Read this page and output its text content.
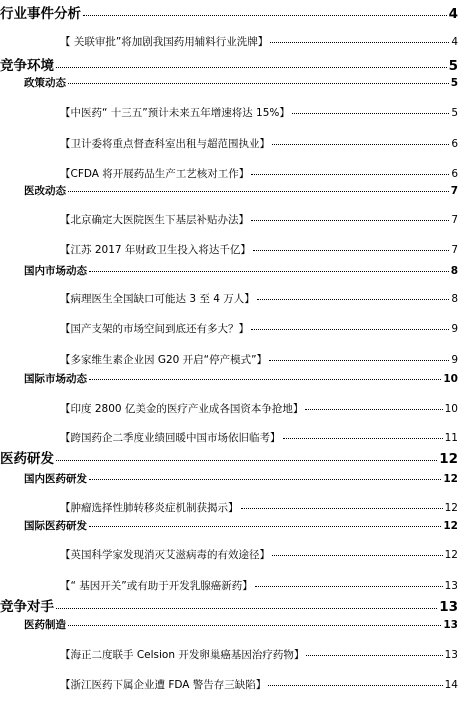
行业事件分析	4
【 关联审批”将加剧我国药用辅料行业洗牌】	4
竞争环境	5
政策动态	5
【中医药“ 十三五”预计未来五年增速将达 15%】	5
【卫计委将重点督查科室出租与超范围执业】	6
【CFDA 将开展药品生产工艺核对工作】	6
医改动态	7
【北京确定大医院医生下基层补贴办法】	7
【江苏 2017 年财政卫生投入将达千亿】	7
国内市场动态	8
【病理医生全国缺口可能达 3 至 4 万人】	8
【国产支架的市场空间到底还有多大？】	9
【多家维生素企业因 G20 开启“停产模式”】	9
国际市场动态	10
【印度 2800 亿美金的医疗产业成各国资本争抢地】	10
【跨国药企二季度业绩回暖中国市场依旧临考】	11
医药研发	12
国内医药研发	12
【肿瘤选择性肺转移炎症机制获揭示】	12
国际医药研发	12
【英国科学家发现消灭艾滋病毒的有效途径】	12
【“ 基因开关”或有助于开发乳腺癌新药】	13
竞争对手	13
医药制造	13
【海正二度联手 Celsion 开发卵巢癌基因治疗药物】	13
【浙江医药下属企业遭 FDA 警告存三缺陷】	14
